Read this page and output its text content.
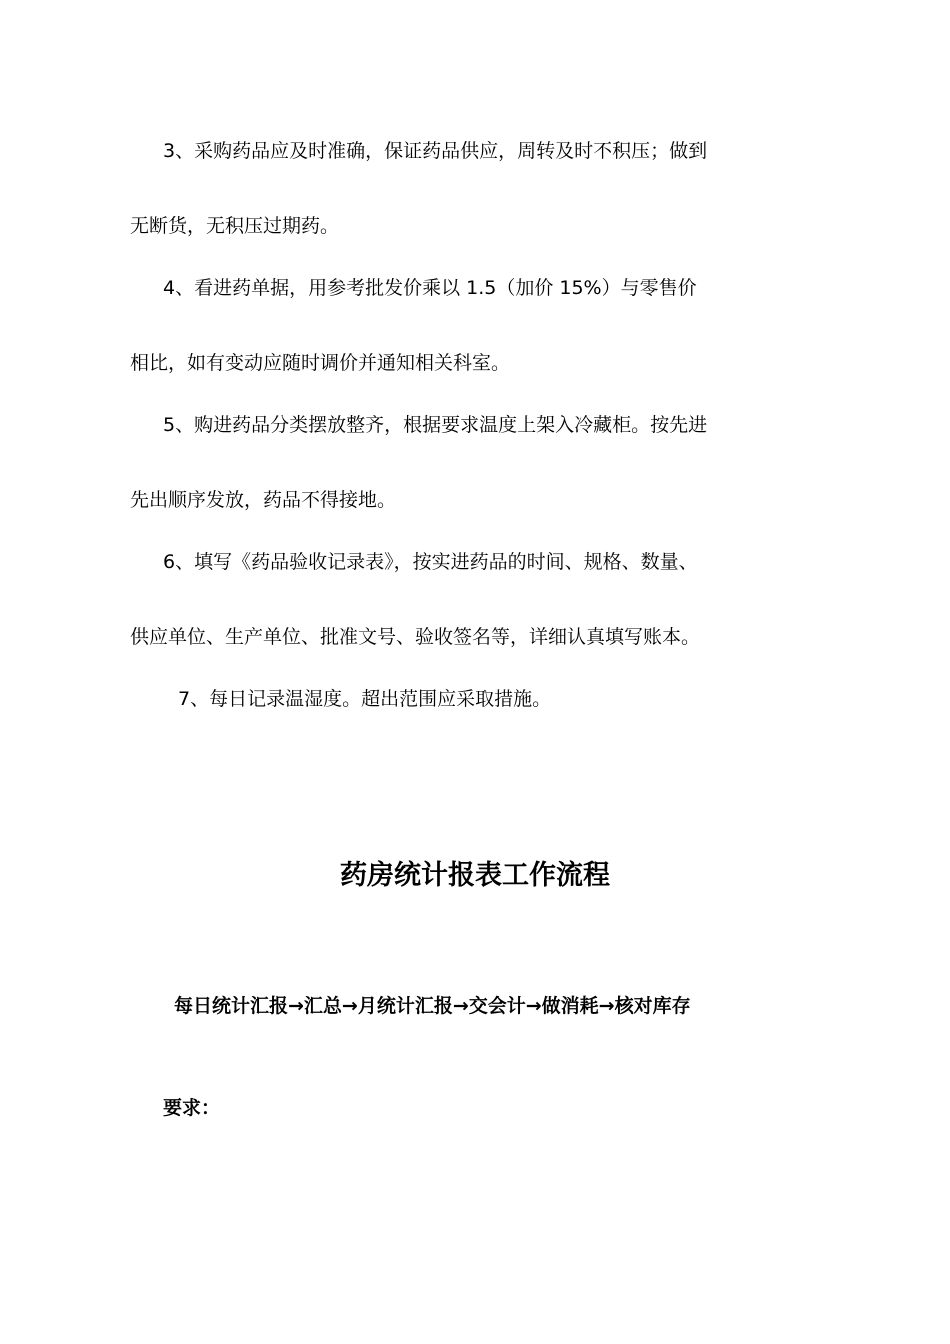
3、采购药品应及时准确，保证药品供应，周转及时不积压；做到
无断货，无积压过期药。
4、看进药单据，用参考批发价乘以 1.5（加价 15%）与零售价
相比，如有变动应随时调价并通知相关科室。
5、购进药品分类摆放整齐，根据要求温度上架入冷藏柜。按先进
先出顺序发放，药品不得接地。
6、填写《药品验收记录表》，按实进药品的时间、规格、数量、
供应单位、生产单位、批准文号、验收签名等，详细认真填写账本。
7、每日记录温湿度。超出范围应采取措施。
药房统计报表工作流程
每日统计汇报→汇总→月统计汇报→交会计→做消耗→核对库存
要求：
